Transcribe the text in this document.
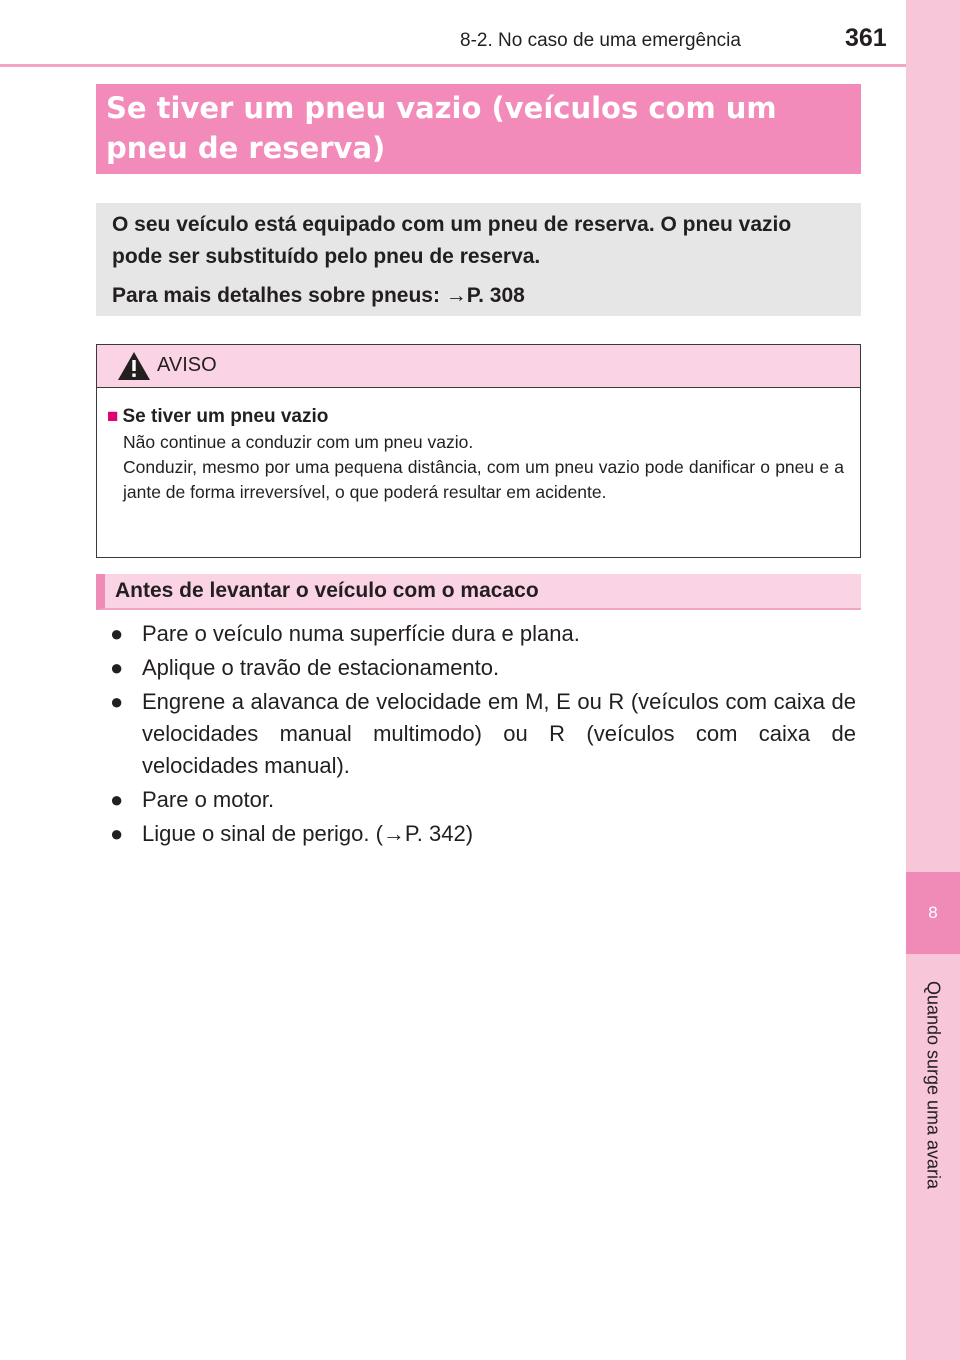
8
Quando surge uma avaria
8-2. No caso de uma emergência	361
Se tiver um pneu vazio (veículos com um pneu de reserva)

O seu veículo está equipado com um pneu de reserva. O pneu vazio pode ser substituído pelo pneu de reserva.

Para mais detalhes sobre pneus: →P. 308

AVISO
■ Se tiver um pneu vazio

Não continue a conduzir com um pneu vazio.

Conduzir, mesmo por uma pequena distância, com um pneu vazio pode danificar o pneu e a jante de forma irreversível, o que poderá resultar em acidente.

Antes de levantar o veículo com o macaco
● Pare o veículo numa superfície dura e plana.
● Aplique o travão de estacionamento.
● Engrene a alavanca de velocidade em M, E ou R (veículos com caixa de velocidades manual multimodo) ou R (veículos com caixa de velocidades manual).
● Pare o motor.
● Ligue o sinal de perigo. (→P. 342)
